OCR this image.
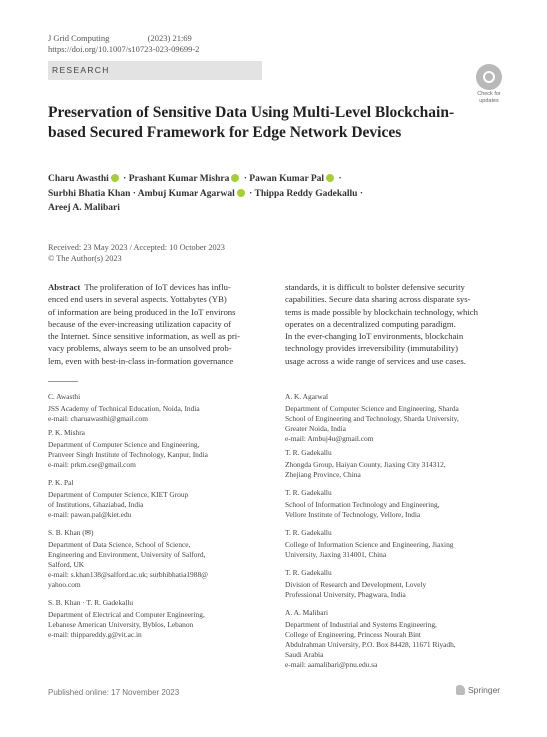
J Grid Computing	(2023) 21:69
https://doi.org/10.1007/s10723-023-09699-2
RESEARCH
Check for
updates
Preservation of Sensitive Data Using Multi-Level Blockchain-based Secured Framework for Edge Network Devices
Charu Awasthi · Prashant Kumar Mishra · Pawan Kumar Pal ·
Surbhi Bhatia Khan · Ambuj Kumar Agarwal · Thippa Reddy Gadekallu ·
Areej A. Malibari
Received: 23 May 2023 / Accepted: 10 October 2023
© The Author(s) 2023
Abstract The proliferation of IoT devices has influ-
enced end users in several aspects. Yottabytes (YB)
of information are being produced in the IoT environs
because of the ever-increasing utilization capacity of
the Internet. Since sensitive information, as well as pri-
vacy problems, always seem to be an unsolved prob-
lem, even with best-in-class in-formation governance
standards, it is difficult to bolster defensive security
capabilities. Secure data sharing across disparate sys-
tems is made possible by blockchain technology, which
operates on a decentralized computing paradigm.
In the ever-changing IoT environments, blockchain
technology provides irreversibility (immutability)
usage across a wide range of services and use cases.
C. Awasthi
JSS Academy of Technical Education, Noida, India
e-mail: charuawasthi@gmail.com
P. K. Mishra
Department of Computer Science and Engineering,
Pranveer Singh Institute of Technology, Kanpur, India
e-mail: prkm.cse@gmail.com
P. K. Pal
Department of Computer Science, KIET Group
of Institutions, Ghaziabad, India
e-mail: pawan.pal@kiet.edu
S. B. Khan (✉)
Department of Data Science, School of Science,
Engineering and Environment, University of Salford,
Salford, UK
e-mail: s.khan138@salford.ac.uk; surbhibhatia1988@
yahoo.com
S. B. Khan · T. R. Gadekallu
Department of Electrical and Computer Engineering,
Lebanese American University, Byblos, Lebanon
e-mail: thippareddy.g@vit.ac.in
A. K. Agarwal
Department of Computer Science and Engineering, Sharda
School of Engineering and Technology, Sharda University,
Greater Noida, India
e-mail: Ambuj4u@gmail.com
T. R. Gadekallu
Zhongda Group, Haiyan County, Jiaxing City 314312,
Zhejiang Province, China
T. R. Gadekallu
School of Information Technology and Engineering,
Vellore Institute of Technology, Vellore, India
T. R. Gadekallu
College of Information Science and Engineering, Jiaxing
University, Jiaxing 314001, China
T. R. Gadekallu
Division of Research and Development, Lovely
Professional University, Phagwara, India
A. A. Malibari
Department of Industrial and Systems Engineering,
College of Engineering, Princess Nourah Bint
Abdulrahman University, P.O. Box 84428, 11671 Riyadh,
Saudi Arabia
e-mail: aamalibari@pnu.edu.sa
Published online: 17 November 2023	Springer
